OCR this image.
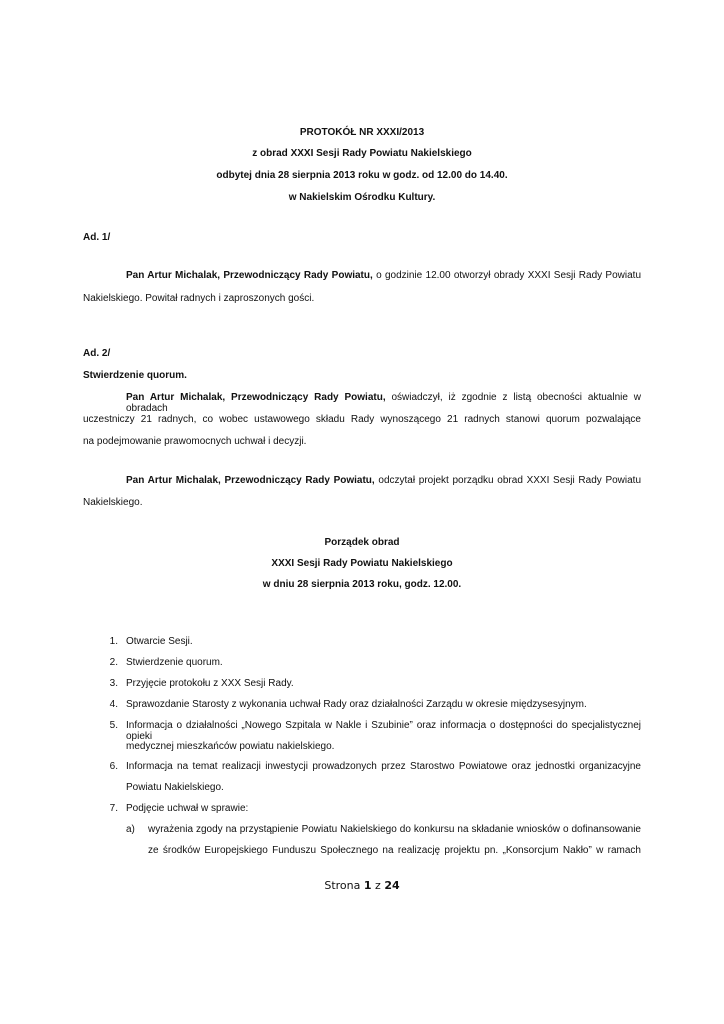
PROTOKÓŁ NR XXXI/2013
z obrad XXXI Sesji Rady Powiatu Nakielskiego
odbytej dnia 28 sierpnia 2013 roku w godz. od 12.00 do 14.40.
w Nakielskim Ośrodku Kultury.
Ad. 1/
Pan Artur Michalak, Przewodniczący Rady Powiatu, o godzinie 12.00 otworzył obrady XXXI Sesji Rady Powiatu
Nakielskiego. Powitał radnych i zaproszonych gości.
Ad. 2/
Stwierdzenie quorum.
Pan Artur Michalak, Przewodniczący Rady Powiatu, oświadczył, iż zgodnie z listą obecności aktualnie w obradach
uczestniczy 21 radnych, co wobec ustawowego składu Rady wynoszącego 21 radnych stanowi quorum pozwalające
na podejmowanie prawomocnych uchwał i decyzji.
Pan Artur Michalak, Przewodniczący Rady Powiatu, odczytał projekt porządku obrad XXXI Sesji Rady Powiatu
Nakielskiego.
Porządek obrad
XXXI Sesji Rady Powiatu Nakielskiego
w dniu 28 sierpnia 2013 roku, godz. 12.00.
1. Otwarcie Sesji.
2. Stwierdzenie quorum.
3. Przyjęcie protokołu z XXX Sesji Rady.
4. Sprawozdanie Starosty z wykonania uchwał Rady oraz działalności Zarządu w okresie międzysesyjnym.
5. Informacja o działalności „Nowego Szpitala w Nakle i Szubinie” oraz informacja o dostępności do specjalistycznej opieki
medycznej mieszkańców powiatu nakielskiego.
6. Informacja na temat realizacji inwestycji prowadzonych przez Starostwo Powiatowe oraz jednostki organizacyjne
Powiatu Nakielskiego.
7. Podjęcie uchwał w sprawie:
a) wyrażenia zgody na przystąpienie Powiatu Nakielskiego do konkursu na składanie wniosków o dofinansowanie
ze środków Europejskiego Funduszu Społecznego na realizację projektu pn. „Konsorcjum Nakło” w ramach
Strona 1 z 24
